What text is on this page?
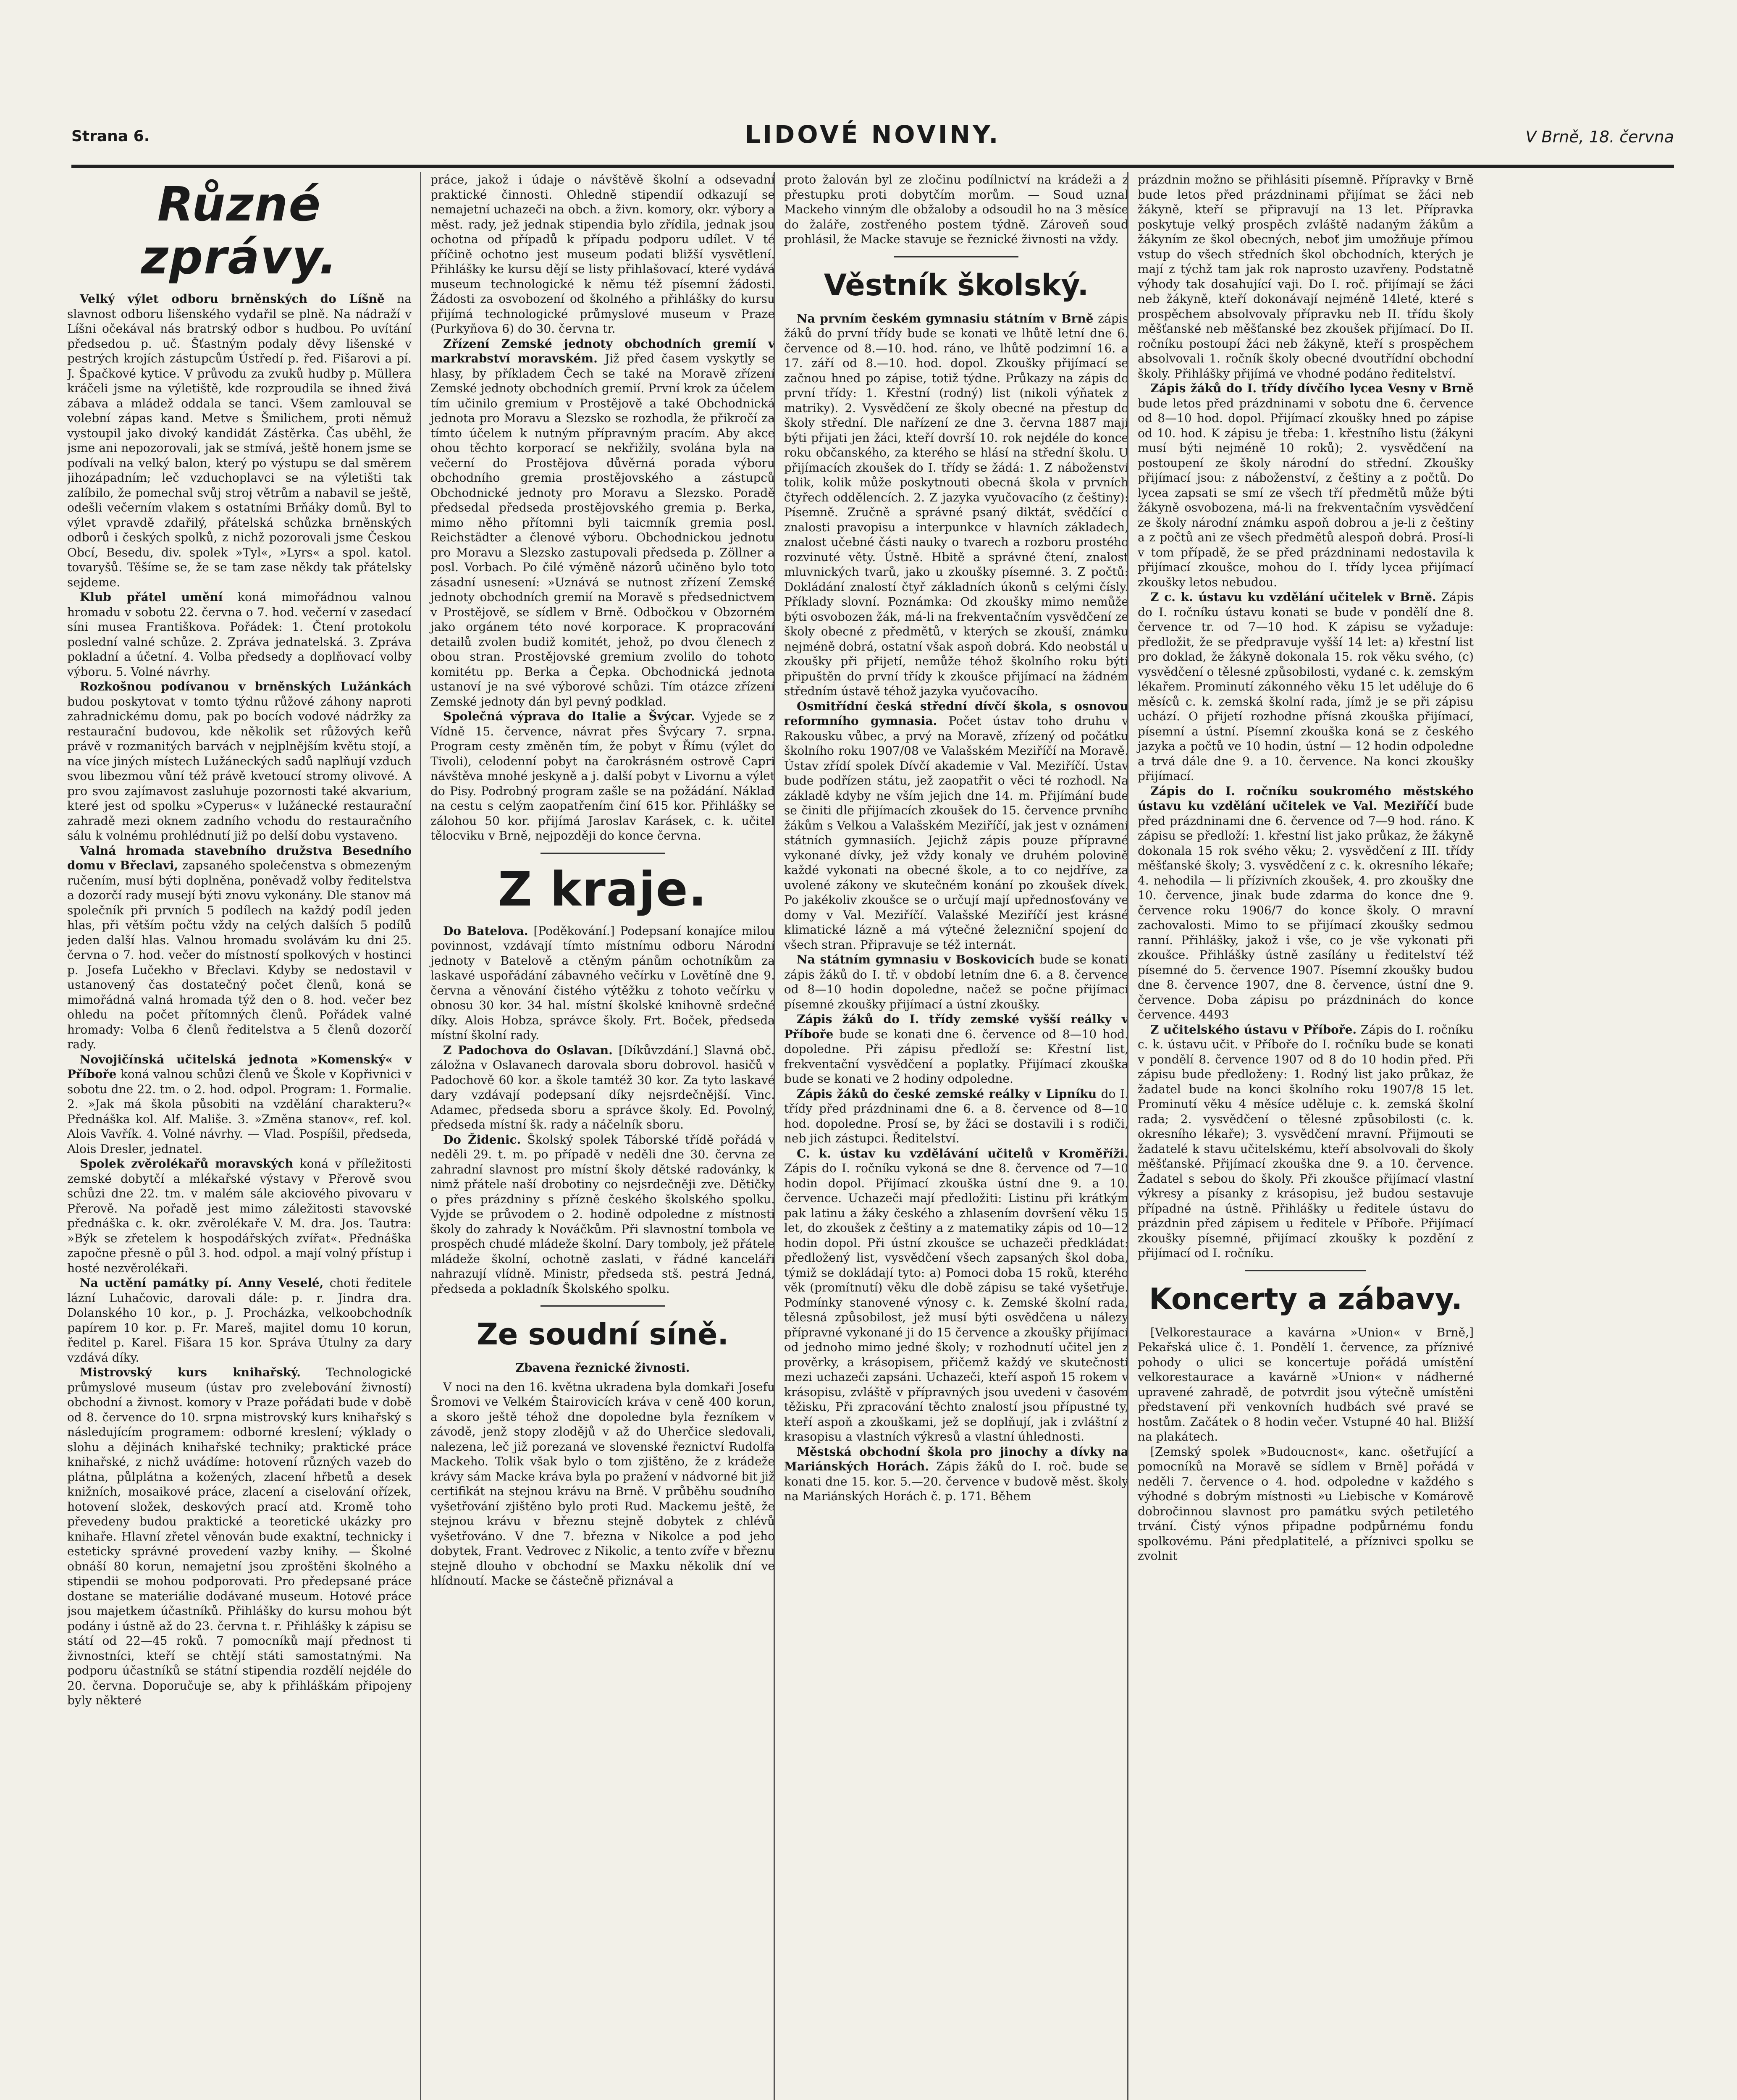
Strana 6.	LIDOVÉ NOVINY.	V Brně, 18. června
Různé zprávy.

Velký výlet odboru brněnských do Líšně na slavnost odboru lišenského vydařil se plně. Na nádraží v Líšni očekával nás bratrský odbor s hudbou. Po uvítání předsedou p. uč. Šťastným podaly děvy lišenské v pestrých krojích zástupcům Ústředí p. řed. Fišarovi a pí. J. Špačkové kytice. V průvodu za zvuků hudby p. Müllera kráčeli jsme na výletiště, kde rozproudila se ihned živá zábava a mládež oddala se tanci. Všem zamlouval se volební zápas kand. Metve s Šmilichem, proti němuž vystoupil jako divoký kandidát Zástěrka. Čas uběhl, že jsme ani nepozorovali, jak se stmívá, ještě honem jsme se podívali na velký balon, který po výstupu se dal směrem jihozápadním; leč vzduchoplavci se na výletišti tak zalíbilo, že pomechal svůj stroj větrům a nabavil se ještě, odešli večerním vlakem s ostatními Brňáky domů. Byl to výlet vpravdě zdařilý, přátelská schůzka brněnských odborů i českých spolků, z nichž pozorovali jsme Českou Obcí, Besedu, div. spolek »Tyl«, »Lyrs« a spol. katol. tovaryšů. Těšíme se, že se tam zase někdy tak přátelsky sejdeme.

Klub přátel umění koná mimořádnou valnou hromadu v sobotu 22. června o 7. hod. večerní v zasedací síni musea Františkova. Pořádek: 1. Čtení protokolu poslední valné schůze. 2. Zpráva jednatelská. 3. Zpráva pokladní a účetní. 4. Volba předsedy a doplňovací volby výboru. 5. Volné návrhy.

Rozkošnou podívanou v brněnských Lužánkách budou poskytovat v tomto týdnu růžové záhony naproti zahradnickému domu, pak po bocích vodové nádržky za restaurační budovou, kde několik set růžových keřů právě v rozmanitých barvách v nejplnějším květu stojí, a na více jiných místech Lužáneckých sadů naplňují vzduch svou libezmou vůní též právě kvetoucí stromy olivové. A pro svou zajímavost zasluhuje pozornosti také akvarium, které jest od spolku »Cyperus« v lužánecké restaurační zahradě mezi oknem zadního vchodu do restauračního sálu k volnému prohlédnutí již po delší dobu vystaveno.

Valná hromada stavebního družstva Besedního domu v Břeclavi, zapsaného společenstva s obmezeným ručením, musí býti doplněna, poněvadž volby ředitelstva a dozorčí rady musejí býti znovu vykonány. Dle stanov má společník při prvních 5 podílech na každý podíl jeden hlas, při větším počtu vždy na celých dalších 5 podílů jeden další hlas. Valnou hromadu svolávám ku dni 25. června o 7. hod. večer do místností spolkových v hostinci p. Josefa Lučekho v Břeclavi. Kdyby se nedostavil v ustanovený čas dostatečný počet členů, koná se mimořádná valná hromada týž den o 8. hod. večer bez ohledu na počet přítomných členů. Pořádek valné hromady: Volba 6 členů ředitelstva a 5 členů dozorčí rady.

Novojičínská učitelská jednota »Komenský« v Příboře koná valnou schůzi členů ve Škole v Kopřivnici v sobotu dne 22. tm. o 2. hod. odpol. Program: 1. Formalie. 2. »Jak má škola působiti na vzdělání charakteru?« Přednáška kol. Alf. Mališe. 3. »Změna stanov«, ref. kol. Alois Vavřík. 4. Volné návrhy. — Vlad. Pospíšil, předseda, Alois Dresler, jednatel.

Spolek zvěrolékařů moravských koná v příležitosti zemské dobytčí a mlékařské výstavy v Přerově svou schůzi dne 22. tm. v malém sále akciového pivovaru v Přerově. Na pořadě jest mimo záležitosti stavovské přednáška c. k. okr. zvěrolékaře V. M. dra. Jos. Tautra: »Býk se zřetelem k hospodářských zvířat«. Přednáška započne přesně o půl 3. hod. odpol. a mají volný přístup i hosté nezvěrolékaři.

Na uctění památky pí. Anny Veselé, choti ředitele lázní Luhačovic, darovali dále: p. r. Jindra dra. Dolanského 10 kor., p. J. Procházka, velkoobchodník papírem 10 kor. p. Fr. Mareš, majitel domu 10 korun, ředitel p. Karel. Fišara 15 kor. Správa Útulny za dary vzdává díky.

Mistrovský kurs knihařský. Technologické průmyslové museum (ústav pro zvelebování živností) obchodní a živnost. komory v Praze pořádati bude v době od 8. července do 10. srpna mistrovský kurs knihařský s následujícím programem: odborné kreslení; výklady o slohu a dějinách knihařské techniky; praktické práce knihařské, z nichž uvádíme: hotovení různých vazeb do plátna, půlplátna a kožených, zlacení hřbetů a desek knižních, mosaikové práce, zlacení a ciselování ořízek, hotovení složek, deskových prací atd. Kromě toho převedeny budou praktické a teoretické ukázky pro knihaře. Hlavní zřetel věnován bude exaktní, technicky i esteticky správné provedení vazby knihy. — Školné obnáší 80 korun, nemajetní jsou zproštěni školného a stipendii se mohou podporovati. Pro předepsané práce dostane se materiálie dodávané museum. Hotové práce jsou majetkem účastníků. Přihlášky do kursu mohou být podány i ústně až do 23. června t. r. Přihlášky k zápisu se státí od 22—45 roků. 7 pomocníků mají přednost ti živnostníci, kteří se chtějí státi samostatnými. Na podporu účastníků se státní stipendia rozdělí nejdéle do 20. června. Doporučuje se, aby k přihláškám připojeny byly některé

práce, jakož i údaje o návštěvě školní a odsevadní praktické činnosti. Ohledně stipendií odkazují se nemajetní uchazeči na obch. a živn. komory, okr. výbory a měst. rady, jež jednak stipendia bylo zřídila, jednak jsou ochotna od případů k případu podporu udílet. V té příčině ochotno jest museum podati bližší vysvětlení. Přihlášky ke kursu dějí se listy přihlašovací, které vydává museum technologické k němu též písemní žádosti. Žádosti za osvobození od školného a přihlášky do kursu přijímá technologické průmyslové museum v Praze (Purkyňova 6) do 30. června tr.

Zřízení Zemské jednoty obchodních gremií v markrabství moravském. Již před časem vyskytly se hlasy, by příkladem Čech se také na Moravě zřízení Zemské jednoty obchodních gremií. První krok za účelem tím učinilo gremium v Prostějově a také Obchodnická jednota pro Moravu a Slezsko se rozhodla, že přikročí za tímto účelem k nutným přípravným pracím. Aby akce ohou těchto korporací se nekřižily, svolána byla na večerní do Prostějova důvěrná porada výboru obchodního gremia prostějovského a zástupců Obchodnické jednoty pro Moravu a Slezsko. Poradě předsedal předseda prostějovského gremia p. Berka, mimo něho přítomni byli taicmník gremia posl. Reichstädter a členové výboru. Obchodnickou jednotu pro Moravu a Slezsko zastupovali předseda p. Zöllner a posl. Vorbach. Po čilé výměně názorů učiněno bylo toto zásadní usnesení: »Uznává se nutnost zřízení Zemské jednoty obchodních gremií na Moravě s předsednictvem v Prostějově, se sídlem v Brně. Odbočkou v Obzorném jako orgánem této nové korporace. K propracování detailů zvolen budiž komitét, jehož, po dvou členech z obou stran. Prostějovské gremium zvolilo do tohoto komitétu pp. Berka a Čepka. Obchodnická jednota ustanoví je na své výborové schůzi. Tím otázce zřízení Zemské jednoty dán byl pevný podklad.

Společná výprava do Italie a Švýcar. Vyjede se z Vídně 15. července, návrat přes Švýcary 7. srpna. Program cesty změněn tím, že pobyt v Římu (výlet do Tivoli), celodenní pobyt na čarokrásném ostrově Capri návštěva mnohé jeskyně a j. další pobyt v Livornu a výlet do Pisy. Podrobný program zašle se na požádání. Náklad na cestu s celým zaopatřením činí 615 kor. Přihlášky se zálohou 50 kor. přijímá Jaroslav Karásek, c. k. učitel tělocviku v Brně, nejpozději do konce června.

Z kraje.

Do Batelova. [Poděkování.] Podepsaní konajíce milou povinnost, vzdávají tímto místnímu odboru Národní jednoty v Batelově a ctěným pánům ochotníkům za laskavé uspořádání zábavného večírku v Lovětíně dne 9. června a věnování čistého výtěžku z tohoto večírku v obnosu 30 kor. 34 hal. místní školské knihovně srdečné díky. Alois Hobza, správce školy. Frt. Boček, předseda místní školní rady.

Z Padochova do Oslavan. [Díkůvzdání.] Slavná obč. záložna v Oslavanech darovala sboru dobrovol. hasičů v Padochově 60 kor. a škole tamtéž 30 kor. Za tyto laskavé dary vzdávají podepsaní díky nejsrdečnější. Vinc. Adamec, předseda sboru a správce školy. Ed. Povolný, předseda místní šk. rady a náčelník sboru.

Do Židenic. Školský spolek Táborské třídě pořádá v neděli 29. t. m. po případě v neděli dne 30. června ze zahradní slavnost pro místní školy dětské radovánky, k nimž přátele naší drobotiny co nejsrdečněji zve. Dětičky o přes prázdniny s přízně českého školského spolku. Vyjde se průvodem o 2. hodině odpoledne z místnosti školy do zahrady k Nováčkům. Při slavnostní tombola ve prospěch chudé mládeže školní. Dary tomboly, jež přátele mládeže školní, ochotně zaslati, v řádné kanceláři nahrazují vlídně. Ministr, předseda stš. pestrá Jedná, předseda a pokladník Školského spolku.

Ze soudní síně.

Zbavena řeznické živnosti.

V noci na den 16. května ukradena byla domkaři Josefu Šromovi ve Velkém Štairovicích kráva v ceně 400 korun, a skoro ještě téhož dne dopoledne byla řezníkem v závodě, jenž stopy zlodějů v až do Uherčice sledovali, nalezena, leč již porezaná ve slovenské řeznictví Rudolfa Mackeho. Tolik však bylo o tom zjištěno, že z krádeže krávy sám Macke kráva byla po pražení v nádvorné bit již certifikát na stejnou krávu na Brně. V průběhu soudního vyšetřování zjištěno bylo proti Rud. Mackemu ještě, že stejnou krávu v březnu stejně dobytek z chlévů vyšetřováno. V dne 7. března v Nikolce a pod jeho dobytek, Frant. Vedrovec z Nikolic, a tento zvíře v březnu stejně dlouho v obchodní se Maxku několik dní ve hlídnoutí. Macke se částečně přiznával a

proto žalován byl ze zločinu podílnictví na krádeži a z přestupku proti dobytčím morům. — Soud uznal Mackeho vinným dle obžaloby a odsoudil ho na 3 měsíce do žaláře, zostřeného postem týdně. Zároveň soud prohlásil, že Macke stavuje se řeznické živnosti na vždy.

Věstník školský.

Na prvním českém gymnasiu státním v Brně zápis žáků do první třídy bude se konati ve lhůtě letní dne 6. července od 8.—10. hod. ráno, ve lhůtě podzimní 16. a 17. září od 8.—10. hod. dopol. Zkoušky přijímací se začnou hned po zápise, totiž týdne. Průkazy na zápis do první třídy: 1. Křestní (rodný) list (nikoli výňatek z matriky). 2. Vysvědčení ze školy obecné na přestup do školy střední. Dle nařízení ze dne 3. června 1887 mají býti přijati jen žáci, kteří dovrší 10. rok nejdéle do konce roku občanského, za kterého se hlásí na střední školu. U přijímacích zkoušek do I. třídy se žádá: 1. Z náboženství tolik, kolik může poskytnouti obecná škola v prvních čtyřech oddělencích. 2. Z jazyka vyučovacího (z češtiny): Písemně. Zručně a správné psaný diktát, svědčící o znalosti pravopisu a interpunkce v hlavních základech, znalost učebné části nauky o tvarech a rozboru prostého rozvinuté věty. Ústně. Hbitě a správné čtení, znalost mluvnických tvarů, jako u zkoušky písemné. 3. Z počtů: Dokládání znalostí čtyř základních úkonů s celými čísly. Příklady slovní. Poznámka: Od zkoušky mimo nemůže býti osvobozen žák, má-li na frekventačním vysvědčení ze školy obecné z předmětů, v kterých se zkouší, známku nejméně dobrá, ostatní však aspoň dobrá. Kdo neobstál u zkoušky při přijetí, nemůže téhož školního roku býti připuštěn do první třídy k zkoušce přijímací na žádném středním ústavě téhož jazyka vyučovacího.

Osmitřídní česká střední dívčí škola, s osnovou reformního gymnasia. Počet ústav toho druhu v Rakousku vůbec, a prvý na Moravě, zřízený od počátku školního roku 1907/08 ve Valašském Meziříčí na Moravě. Ústav zřídí spolek Dívčí akademie v Val. Meziříčí. Ústav bude podřízen státu, jež zaopatřit o věci té rozhodl. Na základě kdyby ne vším jejich dne 14. m. Přijímání bude se činiti dle přijímacích zkoušek do 15. července prvního žákům s Velkou a Valašském Meziříčí, jak jest v oznámení státních gymnasiích. Jejichž zápis pouze přípravné vykonané dívky, jež vždy konaly ve druhém polovině každé vykonati na obecné škole, a to co nejdříve, za uvolené zákony ve skutečném konání po zkoušek dívek. Po jakékoliv zkoušce se o určují mají upřednosťovány ve domy v Val. Meziříčí. Valašské Meziříčí jest krásné klimatické lázně a má výtečné železniční spojení do všech stran. Připravuje se též internát.

Na státním gymnasiu v Boskovicích bude se konati zápis žáků do I. tř. v období letním dne 6. a 8. července od 8—10 hodin dopoledne, načež se počne přijímací písemné zkoušky přijímací a ústní zkoušky.

Zápis žáků do I. třídy zemské vyšší reálky v Příboře bude se konati dne 6. července od 8—10 hod. dopoledne. Při zápisu předloží se: Křestní list, frekventační vysvědčení a poplatky. Přijímací zkouška bude se konati ve 2 hodiny odpoledne.

Zápis žáků do české zemské reálky v Lipníku do I. třídy před prázdninami dne 6. a 8. července od 8—10 hod. dopoledne. Prosí se, by žáci se dostavili i s rodiči, neb jich zástupci. Ředitelství.

C. k. ústav ku vzdělávání učitelů v Kroměříži. Zápis do I. ročníku vykoná se dne 8. července od 7—10 hodin dopol. Přijímací zkouška ústní dne 9. a 10. července. Uchazeči mají předložiti: Listinu při krátkým pak latinu a žáky českého a zhlasením dovršení věku 15 let, do zkoušek z češtiny a z matematiky zápis od 10—12 hodin dopol. Při ústní zkoušce se uchazeči předkládat: předložený list, vysvědčení všech zapsaných škol doba, týmiž se dokládají tyto: a) Pomoci doba 15 roků, kterého věk (promítnutí) věku dle době zápisu se také vyšetřuje. Podmínky stanovené výnosy c. k. Zemské školní rada, tělesná způsobilost, jež musí býti osvědčena u nálezy přípravné vykonané ji do 15 července a zkoušky přijímací od jednoho mimo jedné školy; v rozhodnutí učitel jen z prověrky, a krásopisem, přičemž každý ve skutečnosti mezi uchazeči zapsáni. Uchazeči, kteří aspoň 15 rokem v krásopisu, zvláště v přípravných jsou uvedeni v časovém těžisku, Při zpracování těchto znalostí jsou přípustné ty, kteří aspoň a zkouškami, jež se doplňují, jak i zvláštní z krasopisu a vlastních výkresů a vlastní úhlednosti.

Městská obchodní škola pro jinochy a dívky na Mariánských Horách. Zápis žáků do I. roč. bude se konati dne 15. kor. 5.—20. července v budově měst. školy na Mariánských Horách č. p. 171. Během

prázdnin možno se přihlásiti písemně. Přípravky v Brně bude letos před prázdninami přijímat se žáci neb žákyně, kteří se připravují na 13 let. Přípravka poskytuje velký prospěch zvláště nadaným žákům a žákyním ze škol obecných, neboť jim umožňuje přímou vstup do všech středních škol obchodních, kterých je mají z týchž tam jak rok naprosto uzavřeny. Podstatně výhody tak dosahující vaji. Do I. roč. přijímají se žáci neb žákyně, kteří dokonávají nejméně 14leté, které s prospěchem absolvovaly přípravku neb II. třídu školy měšťanské neb měšťanské bez zkoušek přijímací. Do II. ročníku postoupí žáci neb žákyně, kteří s prospěchem absolvovali 1. ročník školy obecné dvoutřídní obchodní školy. Přihlášky přijímá ve vhodné podáno ředitelství.

Zápis žáků do I. třídy dívčího lycea Vesny v Brně bude letos před prázdninami v sobotu dne 6. července od 8—10 hod. dopol. Přijímací zkoušky hned po zápise od 10. hod. K zápisu je třeba: 1. křestního listu (žákyni musí býti nejméně 10 roků); 2. vysvědčení na postoupení ze školy národní do střední. Zkoušky přijímací jsou: z náboženství, z češtiny a z počtů. Do lycea zapsati se smí ze všech tří předmětů může býti žákyně osvobozena, má-li na frekventačním vysvědčení ze školy národní známku aspoň dobrou a je-li z češtiny a z počtů ani ze všech předmětů alespoň dobrá. Prosí-li v tom případě, že se před prázdninami nedostavila k přijímací zkoušce, mohou do I. třídy lycea přijímací zkoušky letos nebudou.

Z c. k. ústavu ku vzdělání učitelek v Brně. Zápis do I. ročníku ústavu konati se bude v pondělí dne 8. července tr. od 7—10 hod. K zápisu se vyžaduje: předložit, že se předpravuje vyšší 14 let: a) křestní list pro doklad, že žákyně dokonala 15. rok věku svého, (c) vysvědčení o tělesné způsobilosti, vydané c. k. zemským lékařem. Prominutí zákonného věku 15 let uděluje do 6 měsíců c. k. zemská školní rada, jímž je se při zápisu uchází. O přijetí rozhodne přísná zkouška přijímací, písemní a ústní. Písemní zkouška koná se z českého jazyka a počtů ve 10 hodin, ústní — 12 hodin odpoledne a trvá dále dne 9. a 10. července. Na konci zkoušky přijímací.

Zápis do I. ročníku soukromého městského ústavu ku vzdělání učitelek ve Val. Meziříčí bude před prázdninami dne 6. července od 7—9 hod. ráno. K zápisu se předloží: 1. křestní list jako průkaz, že žákyně dokonala 15 rok svého věku; 2. vysvědčení z III. třídy měšťanské školy; 3. vysvědčení z c. k. okresního lékaře; 4. nehodila — li přízivních zkoušek, 4. pro zkoušky dne 10. července, jinak bude zdarma do konce dne 9. července roku 1906/7 do konce školy. O mravní zachovalosti. Mimo to se přijímací zkoušky sedmou ranní. Přihlášky, jakož i vše, co je vše vykonati při zkoušce. Přihlášky ústně zasílány u ředitelství též písemné do 5. července 1907. Písemní zkoušky budou dne 8. července 1907, dne 8. července, ústní dne 9. července. Doba zápisu po prázdninách do konce července. 4493

Z učitelského ústavu v Příboře. Zápis do I. ročníku c. k. ústavu učit. v Příboře do I. ročníku bude se konati v pondělí 8. července 1907 od 8 do 10 hodin před. Při zápisu bude předloženy: 1. Rodný list jako průkaz, že žadatel bude na konci školního roku 1907/8 15 let. Prominutí věku 4 měsíce uděluje c. k. zemská školní rada; 2. vysvědčení o tělesné způsobilosti (c. k. okresního lékaře); 3. vysvědčení mravní. Přijmouti se žadatelé k stavu učitelskému, kteří absolvovali do školy měšťanské. Přijímací zkouška dne 9. a 10. července. Žadatel s sebou do školy. Při zkoušce přijímací vlastní výkresy a písanky z krásopisu, jež budou sestavuje případné na ústně. Přihlášky u ředitele ústavu do prázdnin před zápisem u ředitele v Příboře. Přijímací zkoušky písemné, přijímací zkoušky k pozdění z přijímací od I. ročníku.

Koncerty a zábavy.

[Velkorestaurace a kavárna »Union« v Brně,] Pekařská ulice č. 1. Pondělí 1. července, za příznivé pohody o ulici se koncertuje pořádá umístění velkorestaurace a kavárně »Union« v nádherné upravené zahradě, de potvrdit jsou výtečně umístěni představení při venkovních hudbách své pravé se hostům. Začátek o 8 hodin večer. Vstupné 40 hal. Bližší na plakátech.

[Zemský spolek »Budoucnost«, kanc. ošetřující a pomocníků na Moravě se sídlem v Brně] pořádá v neděli 7. července o 4. hod. odpoledne v každého s výhodné s dobrým místnosti »u Liebische v Komárově dobročinnou slavnost pro památku svých petiletého trvání. Čistý výnos připadne podpůrnému fondu spolkovému. Páni předplatitelé, a příznivci spolku se zvolnit
